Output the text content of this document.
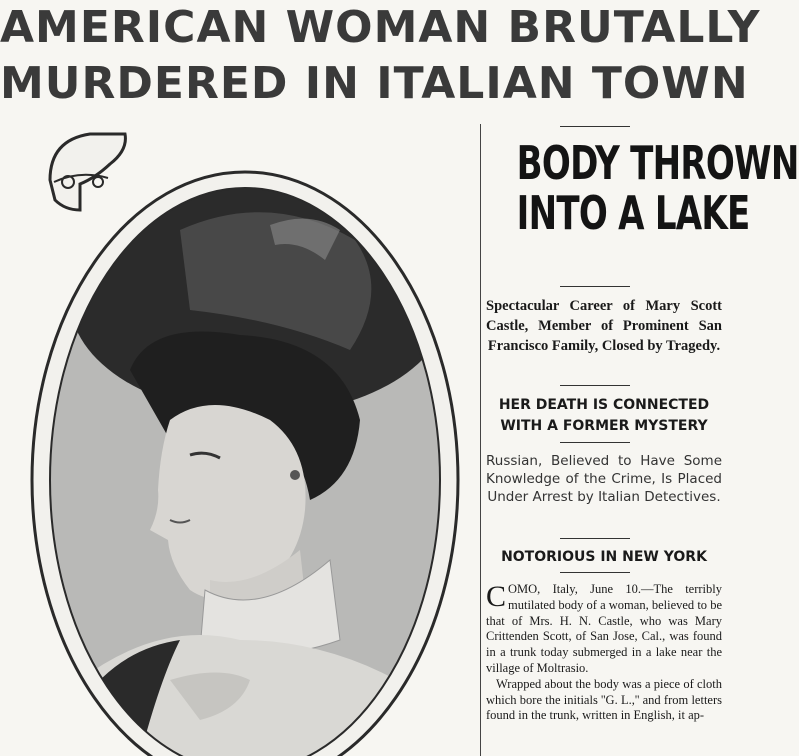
AMERICAN WOMAN BRUTALLY
MURDERED IN ITALIAN TOWN
BODY THROWN
INTO A LAKE
Spectacular Career of Mary Scott Castle, Member of Prominent San Francisco Family, Closed by Tragedy.
HER DEATH IS CONNECTED
WITH A FORMER MYSTERY
Russian, Believed to Have Some Knowledge of the Crime, Is Placed Under Arrest by Italian Detectives.
NOTORIOUS IN NEW YORK

COMO, Italy, June 10.—The terribly mutilated body of a woman, believed to be that of Mrs. H. N. Castle, who was Mary Crittenden Scott, of San Jose, Cal., was found in a trunk today submerged in a lake near the village of Moltrasio.

Wrapped about the body was a piece of cloth which bore the initials ''G. L.,'' and from letters found in the trunk, written in English, it ap-
